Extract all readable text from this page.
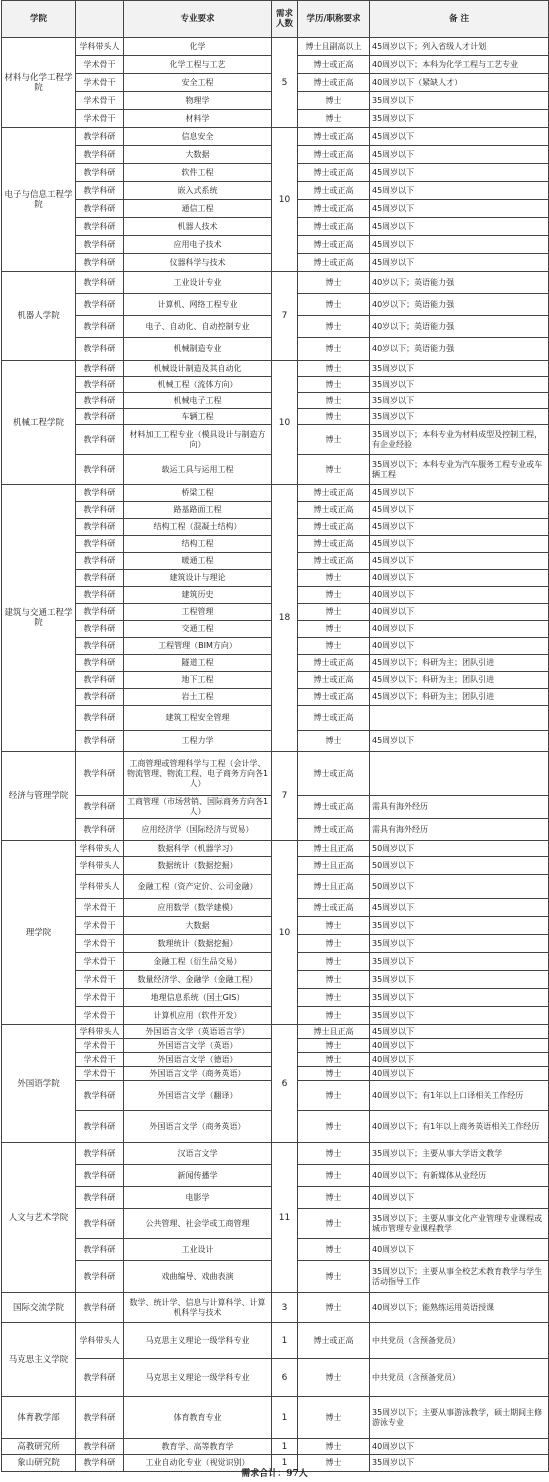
学院		专业要求	需求人数	学历/职称要求	备 注
材料与化学工程学院	学科带头人	化学	5	博士且副高以上	45周岁以下；列入省级人才计划
	学术骨干	化学工程与工艺		博士或正高	40周岁以下；本科为化学工程与工艺专业
	学术骨干	安全工程		博士或正高	40周岁以下（紧缺人才）
	学术骨干	物理学		博士	35周岁以下
	学术骨干	材料学		博士	35周岁以下
电子与信息工程学院	教学科研	信息安全	10	博士或正高	45周岁以下
	教学科研	大数据		博士或正高	45周岁以下
	教学科研	软件工程		博士或正高	45周岁以下
	教学科研	嵌入式系统		博士或正高	45周岁以下
	教学科研	通信工程		博士或正高	45周岁以下
	教学科研	机器人技术		博士或正高	45周岁以下
	教学科研	应用电子技术		博士或正高	45周岁以下
	教学科研	仪器科学与技术		博士或正高	45周岁以下
机器人学院	教学科研	工业设计专业	7	博士	40岁以下；英语能力强
	教学科研	计算机、网络工程专业		博士	40岁以下；英语能力强
	教学科研	电子、自动化、自动控制专业		博士	40岁以下；英语能力强
	教学科研	机械制造专业		博士	40岁以下；英语能力强
机械工程学院	教学科研	机械设计制造及其自动化	10	博士	35周岁以下
	教学科研	机械工程（流体方向）		博士	35周岁以下
	教学科研	机械电子工程		博士	35周岁以下
	教学科研	车辆工程		博士	35周岁以下
	教学科研	材料加工工程专业（模具设计与制造方向）		博士	35周岁以下；本科专业为材料成型及控制工程，有企业经验
	教学科研	载运工具与运用工程		博士	35周岁以下；本科专业为汽车服务工程专业或车辆工程
建筑与交通工程学院	教学科研	桥梁工程	18	博士或正高	45周岁以下
	教学科研	路基路面工程		博士或正高	45周岁以下
	教学科研	结构工程（混凝土结构）		博士或正高	45周岁以下
	教学科研	结构工程		博士或正高	45周岁以下
	教学科研	暖通工程		博士或正高	45周岁以下
	教学科研	建筑设计与理论		博士	40周岁以下
	教学科研	建筑历史		博士	40周岁以下
	教学科研	工程管理		博士	40周岁以下
	教学科研	交通工程		博士	40周岁以下
	教学科研	工程管理（BIM方向）		博士	40周岁以下
	教学科研	隧道工程		博士或正高	45周岁以下；科研为主；团队引进
	教学科研	地下工程		博士或正高	45周岁以下；科研为主；团队引进
	教学科研	岩土工程		博士或正高	45周岁以下；科研为主；团队引进
	教学科研	建筑工程安全管理		博士或正高	
	教学科研	工程力学		博士	45周岁以下
经济与管理学院	教学科研	工商管理或管理科学与工程（会计学、物流管理、物流工程、电子商务方向各1人）	7	博士或正高	
	教学科研	工商管理（市场营销、国际商务方向各1人）		博士或正高	需具有海外经历
	教学科研	应用经济学（国际经济与贸易）		博士或正高	需具有海外经历
理学院	学科带头人	数据科学（机器学习）	10	博士且正高	50周岁以下
	学科带头人	数据统计（数据挖掘）		博士且正高	50周岁以下
	学科带头人	金融工程（资产定价、公司金融）		博士且正高	50周岁以下
	学术骨干	应用数学（数学建模）		博士或正高	45周岁以下
	学术骨干	大数据		博士	35周岁以下
	学术骨干	数理统计（数据挖掘）		博士	35周岁以下
	学术骨干	金融工程（衍生品交易）		博士	35周岁以下
	学术骨干	数量经济学、金融学（金融工程）		博士	35周岁以下
	学术骨干	地理信息系统（国土GIS）		博士	35周岁以下
	学术骨干	计算机应用（软件开发）		博士	35周岁以下
外国语学院	学科带头人	外国语言文学（英语语言学）	6	博士且正高	45周岁以下
	学术骨干	外国语言文学（英语）		博士	40周岁以下
	学术骨干	外国语言文学（德语）		博士	40周岁以下
	学术骨干	外国语言文学（商务英语）		博士	40周岁以下
	教学科研	外国语言文学（翻译）		博士	40周岁以下；有1年以上口译相关工作经历
	教学科研	外国语言文学（商务英语）		博士	40周岁以下；有1年以上商务英语相关工作经历
人文与艺术学院	教学科研	汉语言文学	11	博士	35周岁以下；主要从事大学语文教学
	教学科研	新闻传播学		博士	40周岁以下；有新媒体从业经历
	教学科研	电影学		博士	40周岁以下
	教学科研	公共管理、社会学或工商管理		博士	35周岁以下；主要从事文化产业管理专业课程或城市管理专业课程教学
	教学科研	工业设计		博士	40周岁以下
	教学科研	戏曲编导、戏曲表演		博士	35周岁以下；主要从事全校艺术教育教学与学生活动指导工作
国际交流学院	教学科研	数学、统计学、信息与计算科学、计算机科学与技术	3	博士	40周岁以下；能熟练运用英语授课
马克思主义学院	学科带头人	马克思主义理论一级学科专业	1	博士或正高	中共党员（含预备党员）
	教学科研	马克思主义理论一级学科专业	6	博士	中共党员（含预备党员）
体育教学部	教学科研	体育教育专业	1	博士	35周岁以下；主要从事游泳教学，硕士期间主修游泳专业
高教研究所	教学科研	教育学、高等教育学	1	博士	40周岁以下
象山研究院	教学科研	工业自动化专业（视觉识别）	1	博士	35周岁以下
需求合计：97人
